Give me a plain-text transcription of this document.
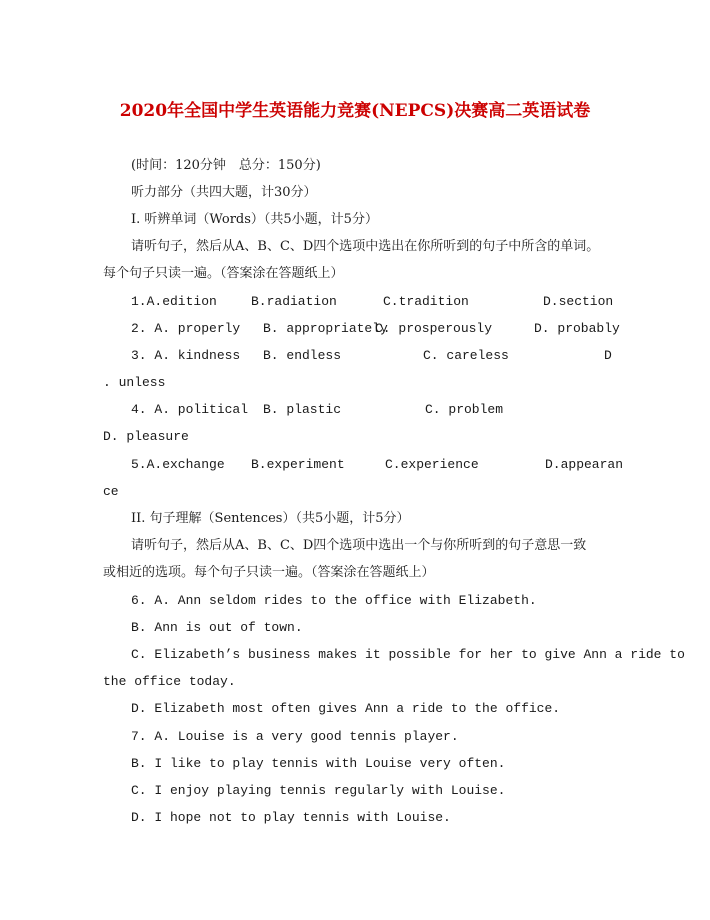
2020年全国中学生英语能力竞赛(NEPCS)决赛高二英语试卷
(时间：120分钟　总分：150分)
听力部分（共四大题，计30分）
I. 听辨单词（Words）（共5小题，计5分）
请听句子，然后从A、B、C、D四个选项中选出在你所听到的句子中所含的单词。
每个句子只读一遍。（答案涂在答题纸上）
1.A.edition	B.radiation	C.tradition	D.section
2. A. properly B. appropriately
C. prosperously	D. probably
3. A. kindness B. endless	C. careless	D
. unless
4. A. political B. plastic	C. problem
D. pleasure
5.A.exchange B.experiment	C.experience	D.appearan
ce
II. 句子理解（Sentences）（共5小题，计5分）
请听句子，然后从A、B、C、D四个选项中选出一个与你所听到的句子意思一致
或相近的选项。每个句子只读一遍。（答案涂在答题纸上）
6. A. Ann seldom rides to the office with Elizabeth.
B. Ann is out of town.
C. Elizabeth’s business makes it possible for her to give Ann a ride to
the office today.
D. Elizabeth most often gives Ann a ride to the office.
7. A. Louise is a very good tennis player.
B. I like to play tennis with Louise very often.
C. I enjoy playing tennis regularly with Louise.
D. I hope not to play tennis with Louise.
